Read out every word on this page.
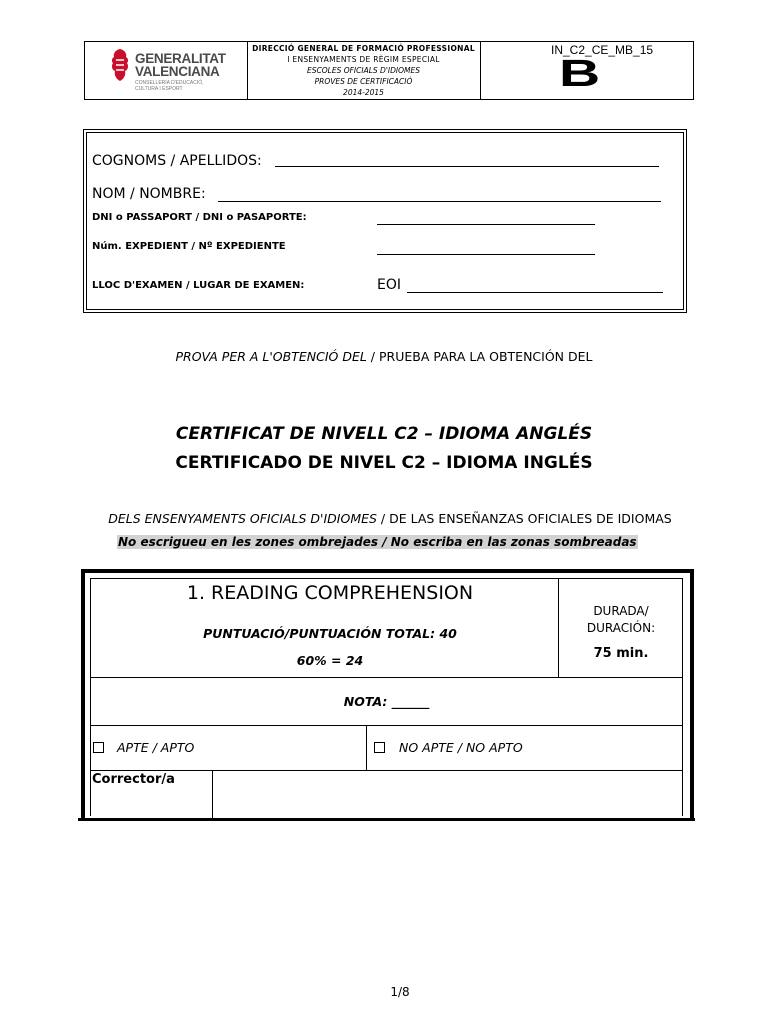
GENERALITAT
VALENCIANA
CONSELLERIA D'EDUCACIÓ,
CULTURA I ESPORT
DIRECCIÓ GENERAL DE FORMACIÓ PROFESSIONAL
I ENSENYAMENTS DE RÈGIM ESPECIAL
ESCOLES OFICIALS D'IDIOMES
PROVES DE CERTIFICACIÓ
2014-2015
IN_C2_CE_MB_15
B
COGNOMS / APELLIDOS:
NOM / NOMBRE:
DNI o PASSAPORT / DNI o PASAPORTE:
Núm. EXPEDIENT / Nº EXPEDIENTE
LLOC D'EXAMEN / LUGAR DE EXAMEN:	EOI
PROVA PER A L'OBTENCIÓ DEL / PRUEBA PARA LA OBTENCIÓN DEL
CERTIFICAT DE NIVELL C2 – IDIOMA ANGLÉS
CERTIFICADO DE NIVEL C2 – IDIOMA INGLÉS
DELS ENSENYAMENTS OFICIALS D'IDIOMES / DE LAS ENSEÑANZAS OFICIALES DE IDIOMAS
No escrigueu en les zones ombrejades / No escriba en las zonas sombreadas
1. READING COMPREHENSION
PUNTUACIÓ/PUNTUACIÓN TOTAL: 40
60% = 24
DURADA/
DURACIÓN:
75 min.
NOTA: ______
APTE / APTO	NO APTE / NO APTO
Corrector/a
1/8
